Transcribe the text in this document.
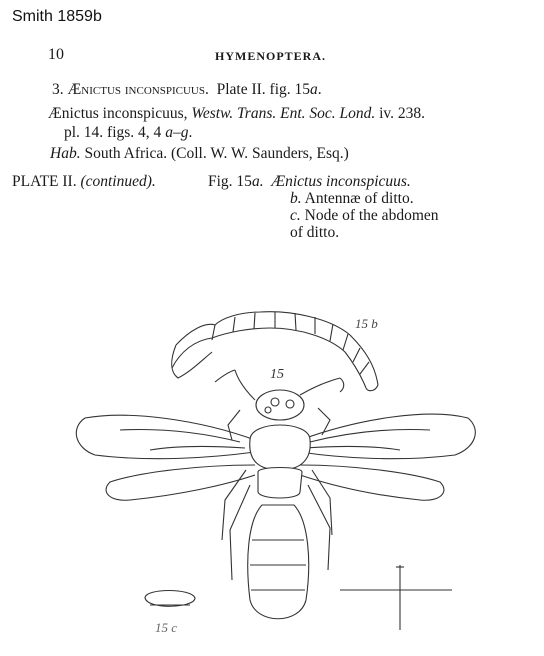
Smith 1859b
10	HYMENOPTERA.
3. Ænictus inconspicuus. Plate II. fig. 15a.
Ænictus inconspicuus, Westw. Trans. Ent. Soc. Lond. iv. 238.
pl. 14. figs. 4, 4 a–g.
Hab. South Africa. (Coll. W. W. Saunders, Esq.)
PLATE II. (continued).	Fig. 15a. Ænictus inconspicuus.
b. Antennæ of ditto.
c. Node of the abdomen
of ditto.
15 b
15
15 c
